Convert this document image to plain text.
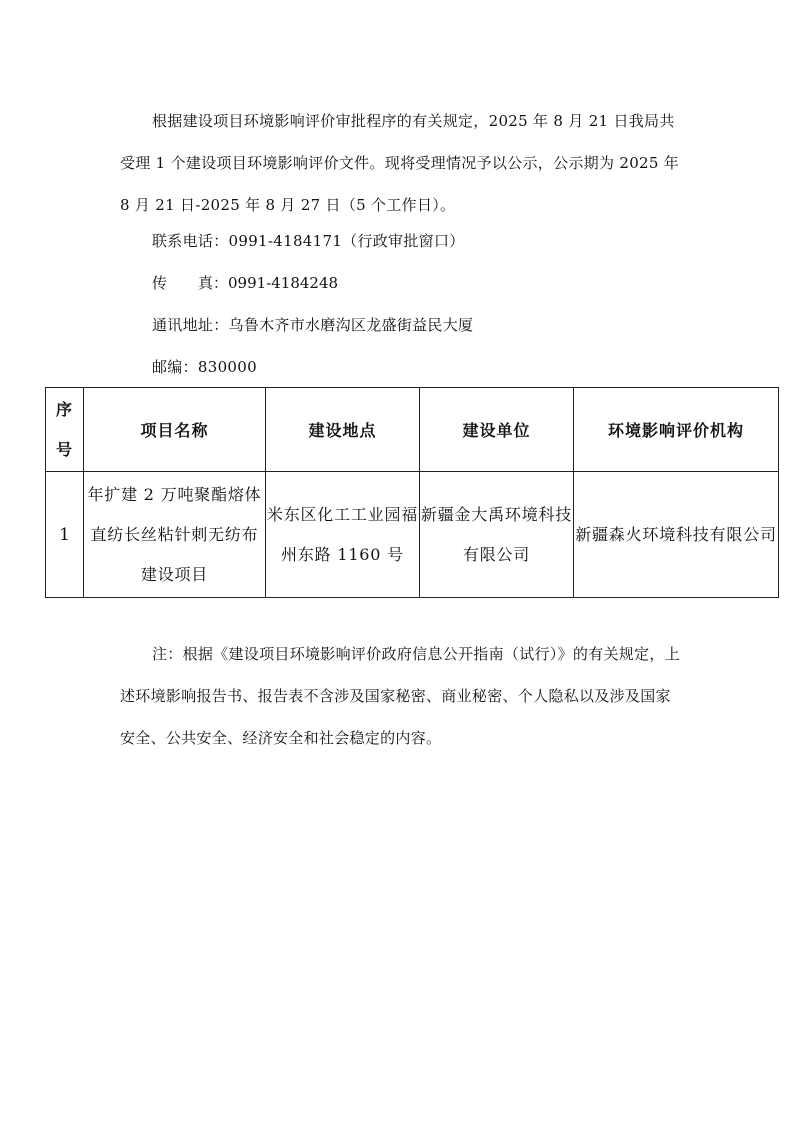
根据建设项目环境影响评价审批程序的有关规定，2025 年 8 月 21 日我局共受理 1 个建设项目环境影响评价文件。现将受理情况予以公示，公示期为 2025 年 8 月 21 日-2025 年 8 月 27 日（5 个工作日）。

联系电话：0991-4184171（行政审批窗口）

传 真：0991-4184248

通讯地址：乌鲁木齐市水磨沟区龙盛街益民大厦

邮编：830000

序
号	项目名称	建设地点	建设单位	环境影响评价机构
1	年扩建 2 万吨聚酯熔体直纺长丝粘针刺无纺布建设项目	米东区化工工业园福州东路 1160 号	新疆金大禹环境科技有限公司	新疆森火环境科技有限公司

注：根据《建设项目环境影响评价政府信息公开指南（试行）》的有关规定，上述环境影响报告书、报告表不含涉及国家秘密、商业秘密、个人隐私以及涉及国家安全、公共安全、经济安全和社会稳定的内容。
